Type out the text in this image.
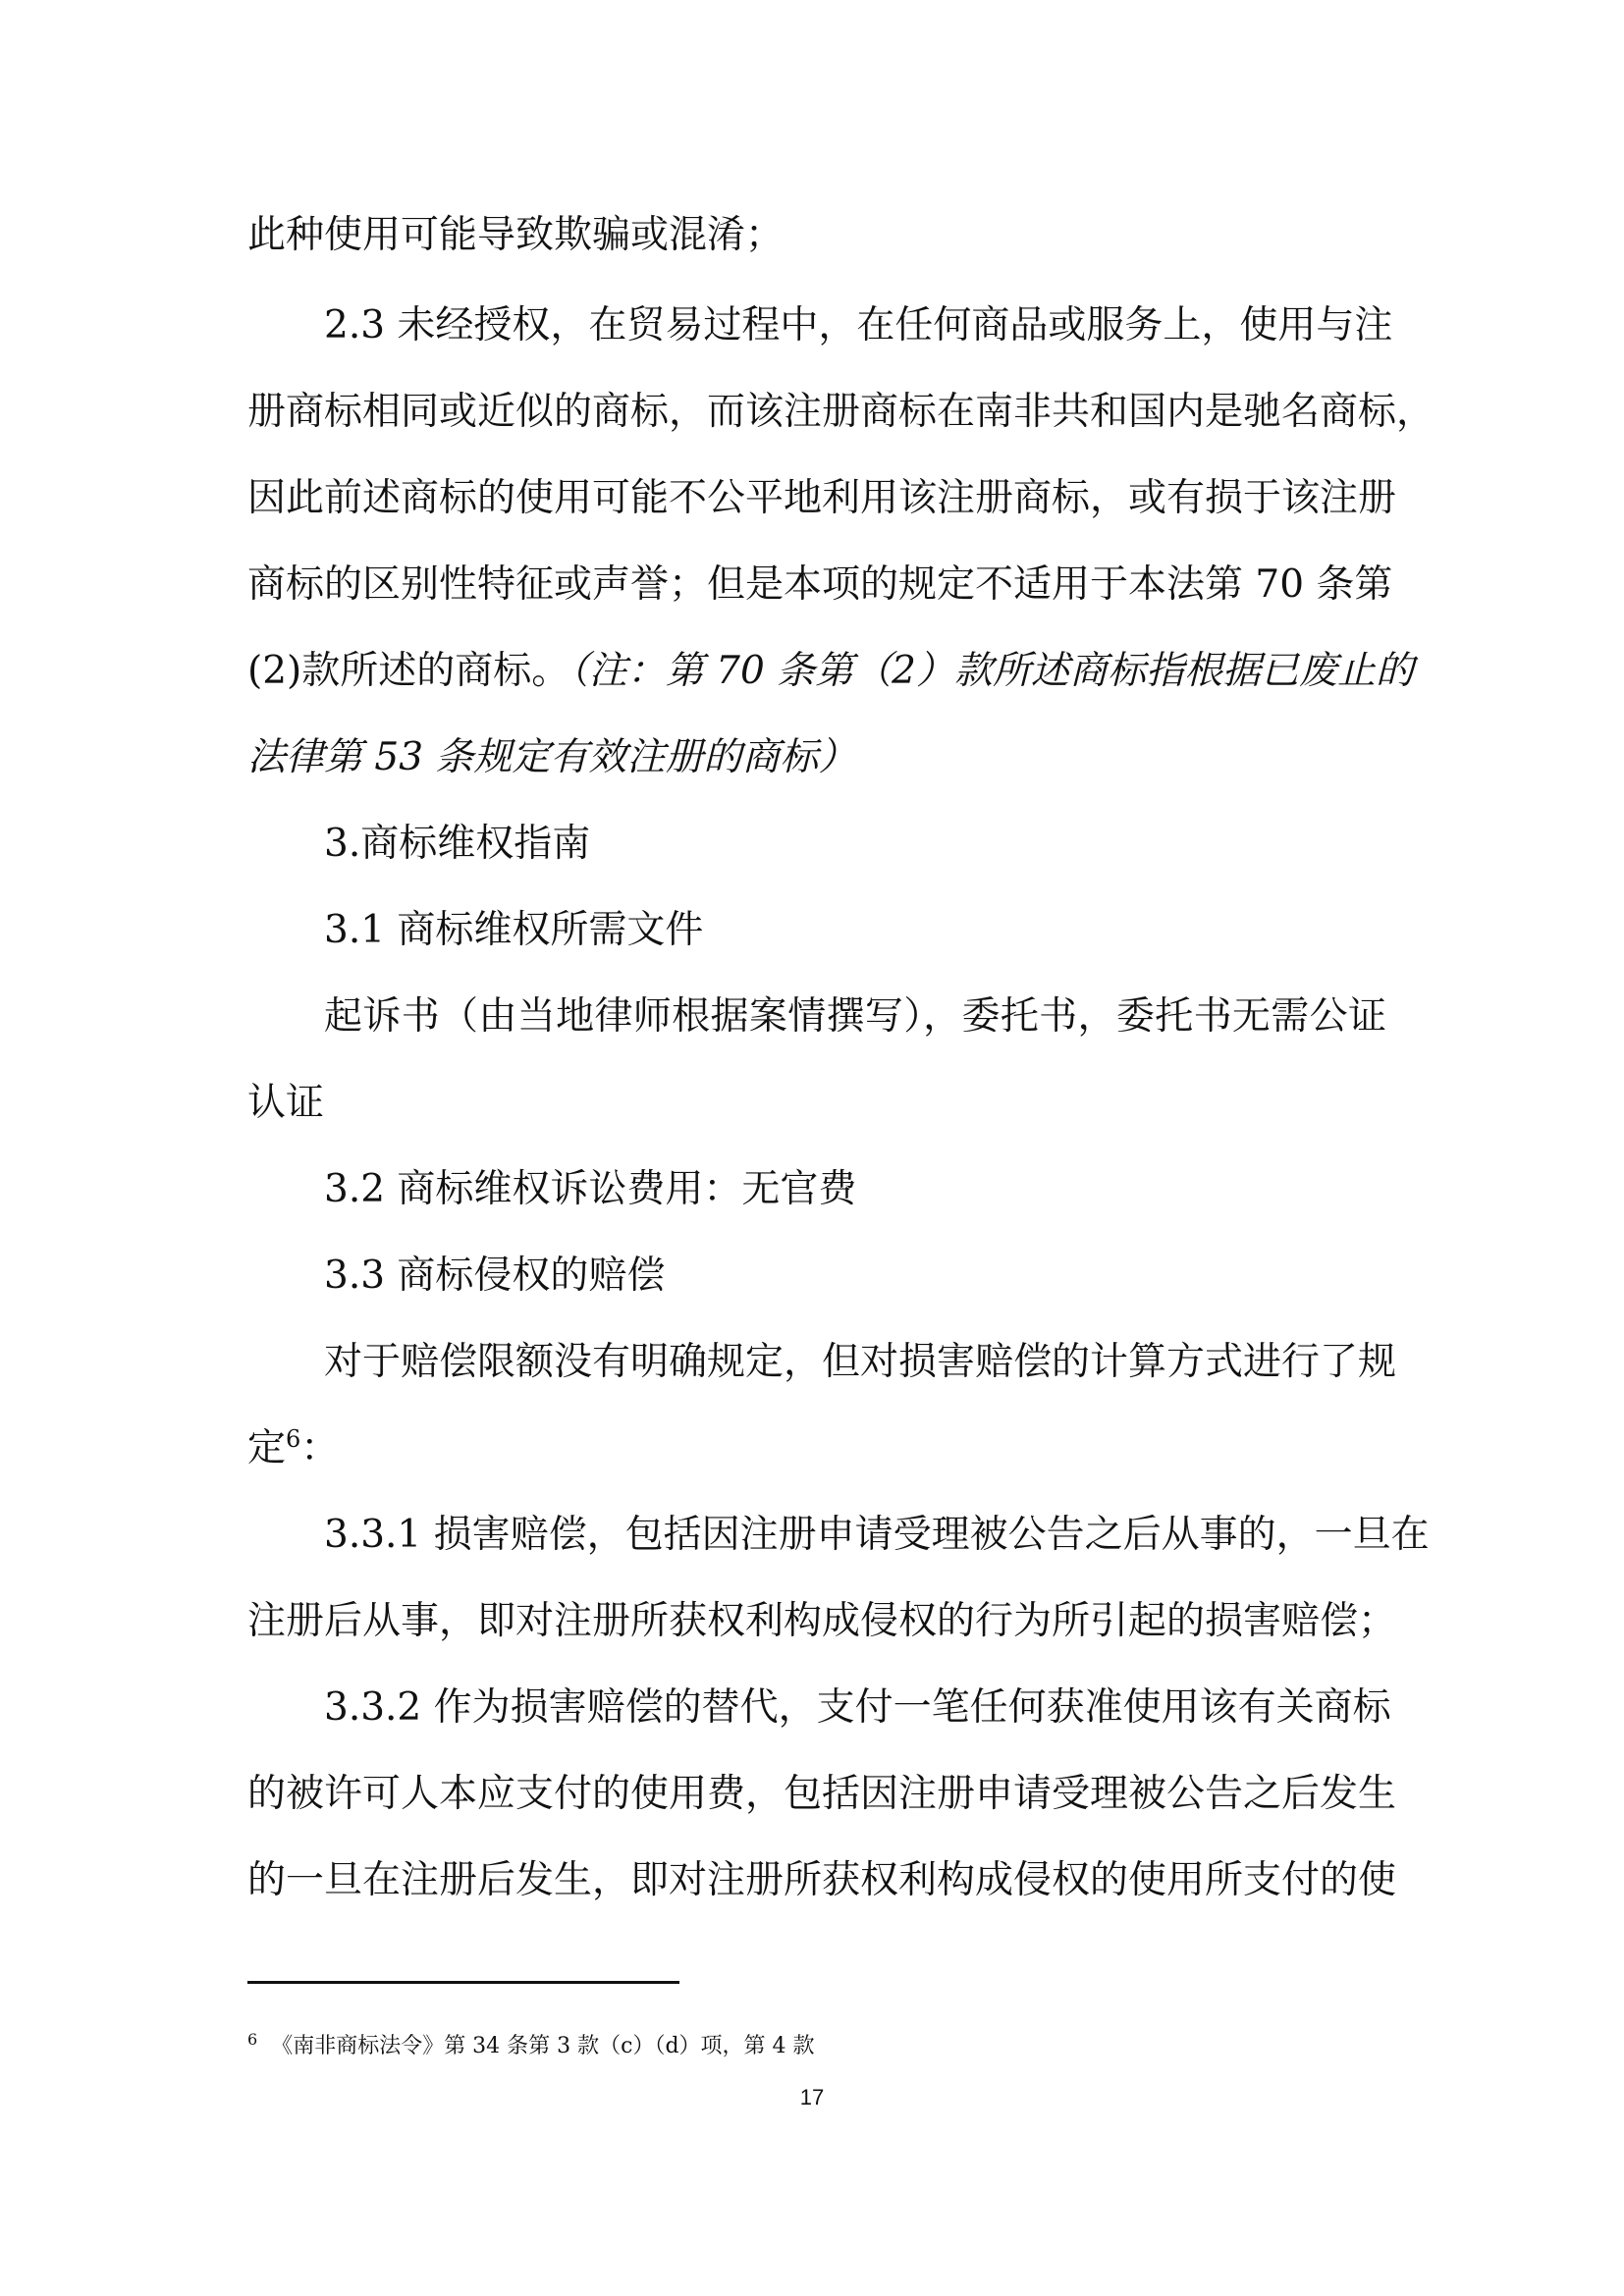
此种使用可能导致欺骗或混淆；
2.3 未经授权，在贸易过程中，在任何商品或服务上，使用与注
册商标相同或近似的商标，而该注册商标在南非共和国内是驰名商标，
因此前述商标的使用可能不公平地利用该注册商标，或有损于该注册
商标的区别性特征或声誉；但是本项的规定不适用于本法第 70 条第
(2)款所述的商标。（注：第 70 条第（2）款所述商标指根据已废止的
法律第 53 条规定有效注册的商标）
3.商标维权指南
3.1 商标维权所需文件
起诉书（由当地律师根据案情撰写），委托书，委托书无需公证
认证
3.2 商标维权诉讼费用：无官费
3.3 商标侵权的赔偿
对于赔偿限额没有明确规定，但对损害赔偿的计算方式进行了规
定$^6$：
3.3.1 损害赔偿，包括因注册申请受理被公告之后从事的，一旦在
注册后从事，即对注册所获权利构成侵权的行为所引起的损害赔偿；
3.3.2 作为损害赔偿的替代，支付一笔任何获准使用该有关商标
的被许可人本应支付的使用费，包括因注册申请受理被公告之后发生
的一旦在注册后发生，即对注册所获权利构成侵权的使用所支付的使
$^6$ 《南非商标法令》第 34 条第 3 款（c）（d）项，第 4 款
17
